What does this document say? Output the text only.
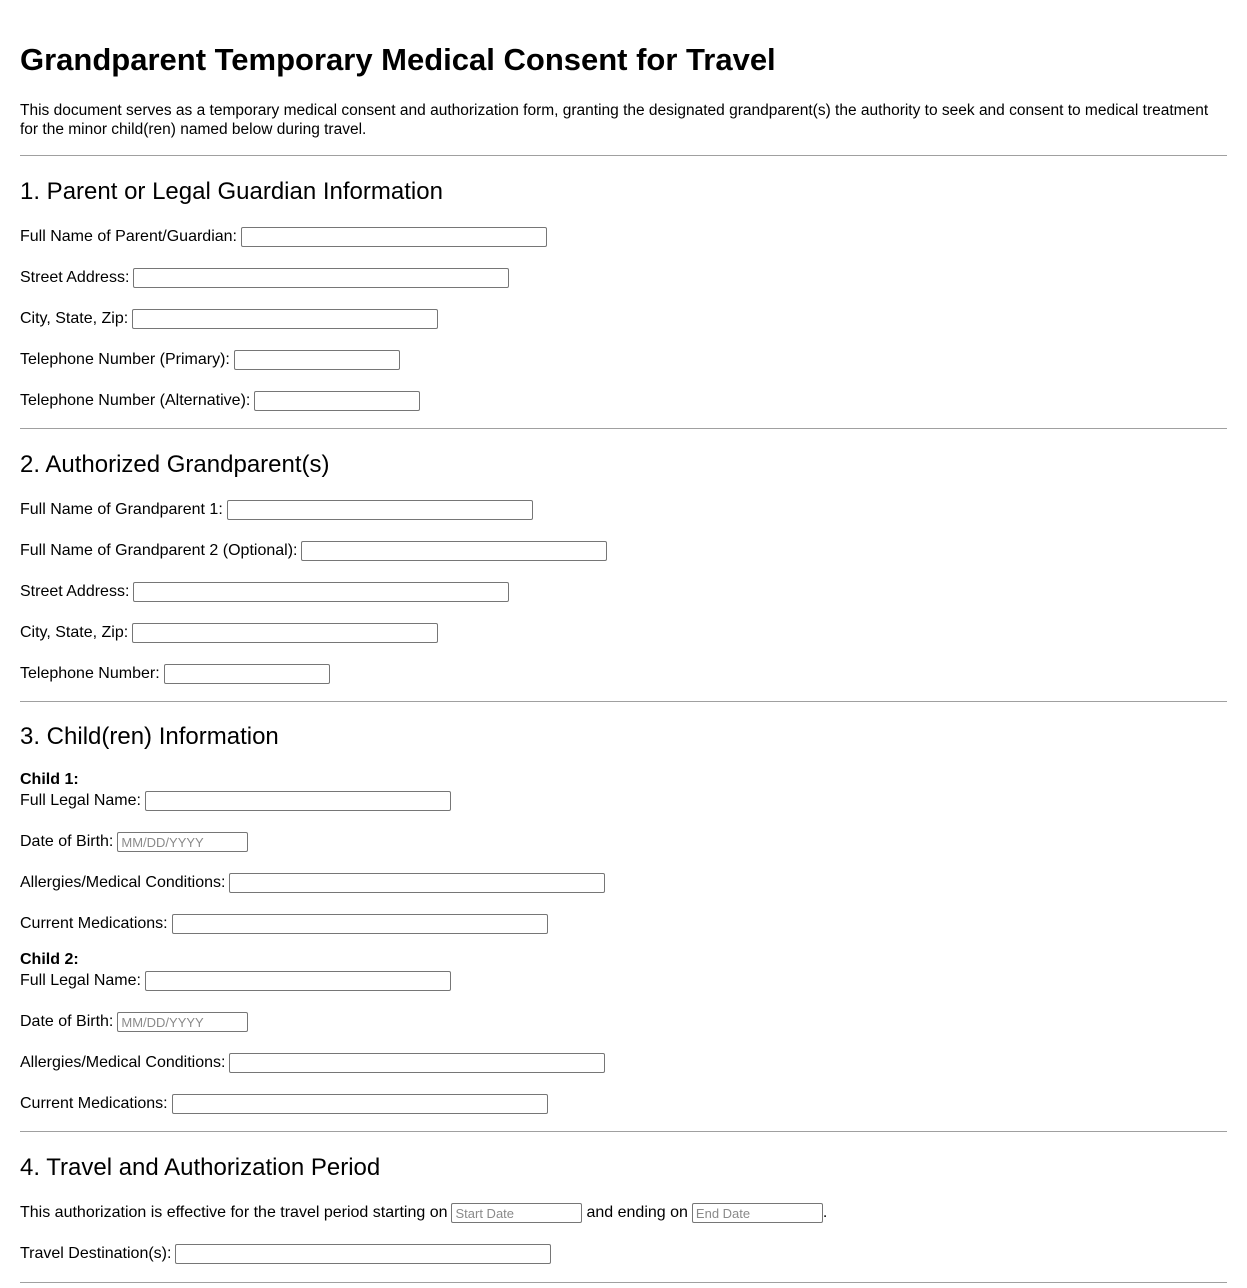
Grandparent Temporary Medical Consent for Travel

This document serves as a temporary medical consent and authorization form, granting the designated grandparent(s) the authority to seek and consent to medical treatment for the minor child(ren) named below during travel.

1. Parent or Legal Guardian Information
Full Name of Parent/Guardian:
Street Address:
City, State, Zip:
Telephone Number (Primary):
Telephone Number (Alternative):
2. Authorized Grandparent(s)
Full Name of Grandparent 1:
Full Name of Grandparent 2 (Optional):
Street Address:
City, State, Zip:
Telephone Number:
3. Child(ren) Information
Child 1:
Full Legal Name:
Date of Birth:
MM/DD/YYYY
Allergies/Medical Conditions:
Current Medications:
Child 2:
Full Legal Name:
Date of Birth:
MM/DD/YYYY
Allergies/Medical Conditions:
Current Medications:
4. Travel and Authorization Period
This authorization is effective for the travel period starting on
Start Date	and ending on
End Date	.
Travel Destination(s):
